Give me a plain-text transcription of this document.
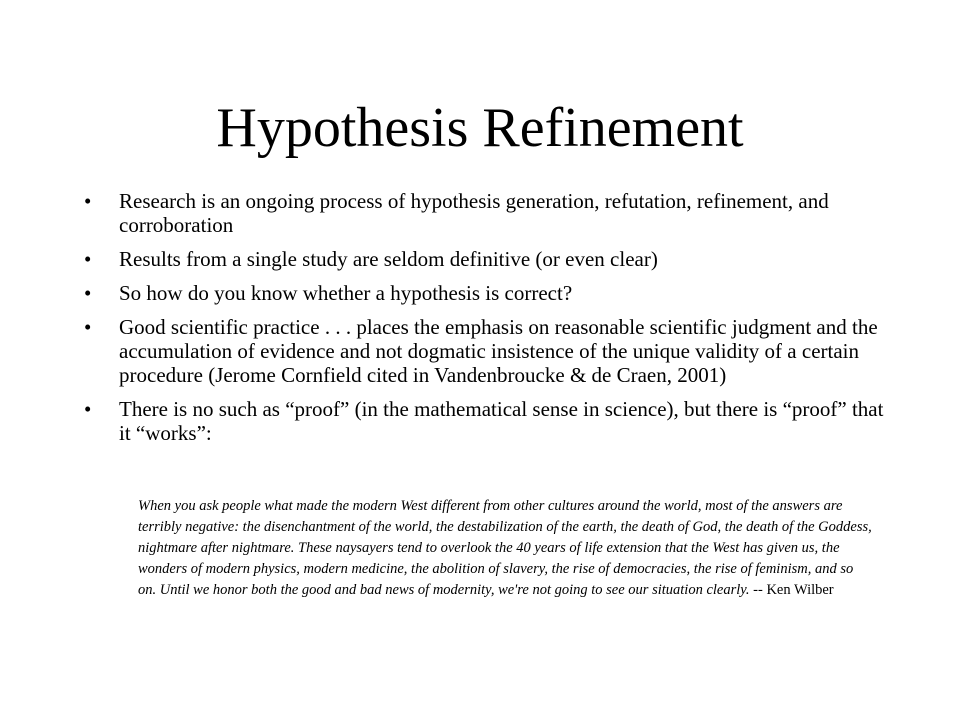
Hypothesis Refinement
•	Research is an ongoing process of hypothesis generation, refutation, refinement, and corroboration
•	Results from a single study are seldom definitive (or even clear)
•	So how do you know whether a hypothesis is correct?
•	Good scientific practice . . . places the emphasis on reasonable scientific judgment and the accumulation of evidence and not dogmatic insistence of the unique validity of a certain procedure (Jerome Cornfield cited in Vandenbroucke & de Craen, 2001)
•	There is no such as “proof” (in the mathematical sense in science), but there is “proof” that it “works”:
When you ask people what made the modern West different from other cultures around the world, most of the answers are terribly negative: the disenchantment of the world, the destabilization of the earth, the death of God, the death of the Goddess, nightmare after nightmare. These naysayers tend to overlook the 40 years of life extension that the West has given us, the wonders of modern physics, modern medicine, the abolition of slavery, the rise of democracies, the rise of feminism, and so on. Until we honor both the good and bad news of modernity, we're not going to see our situation clearly. -- Ken Wilber
